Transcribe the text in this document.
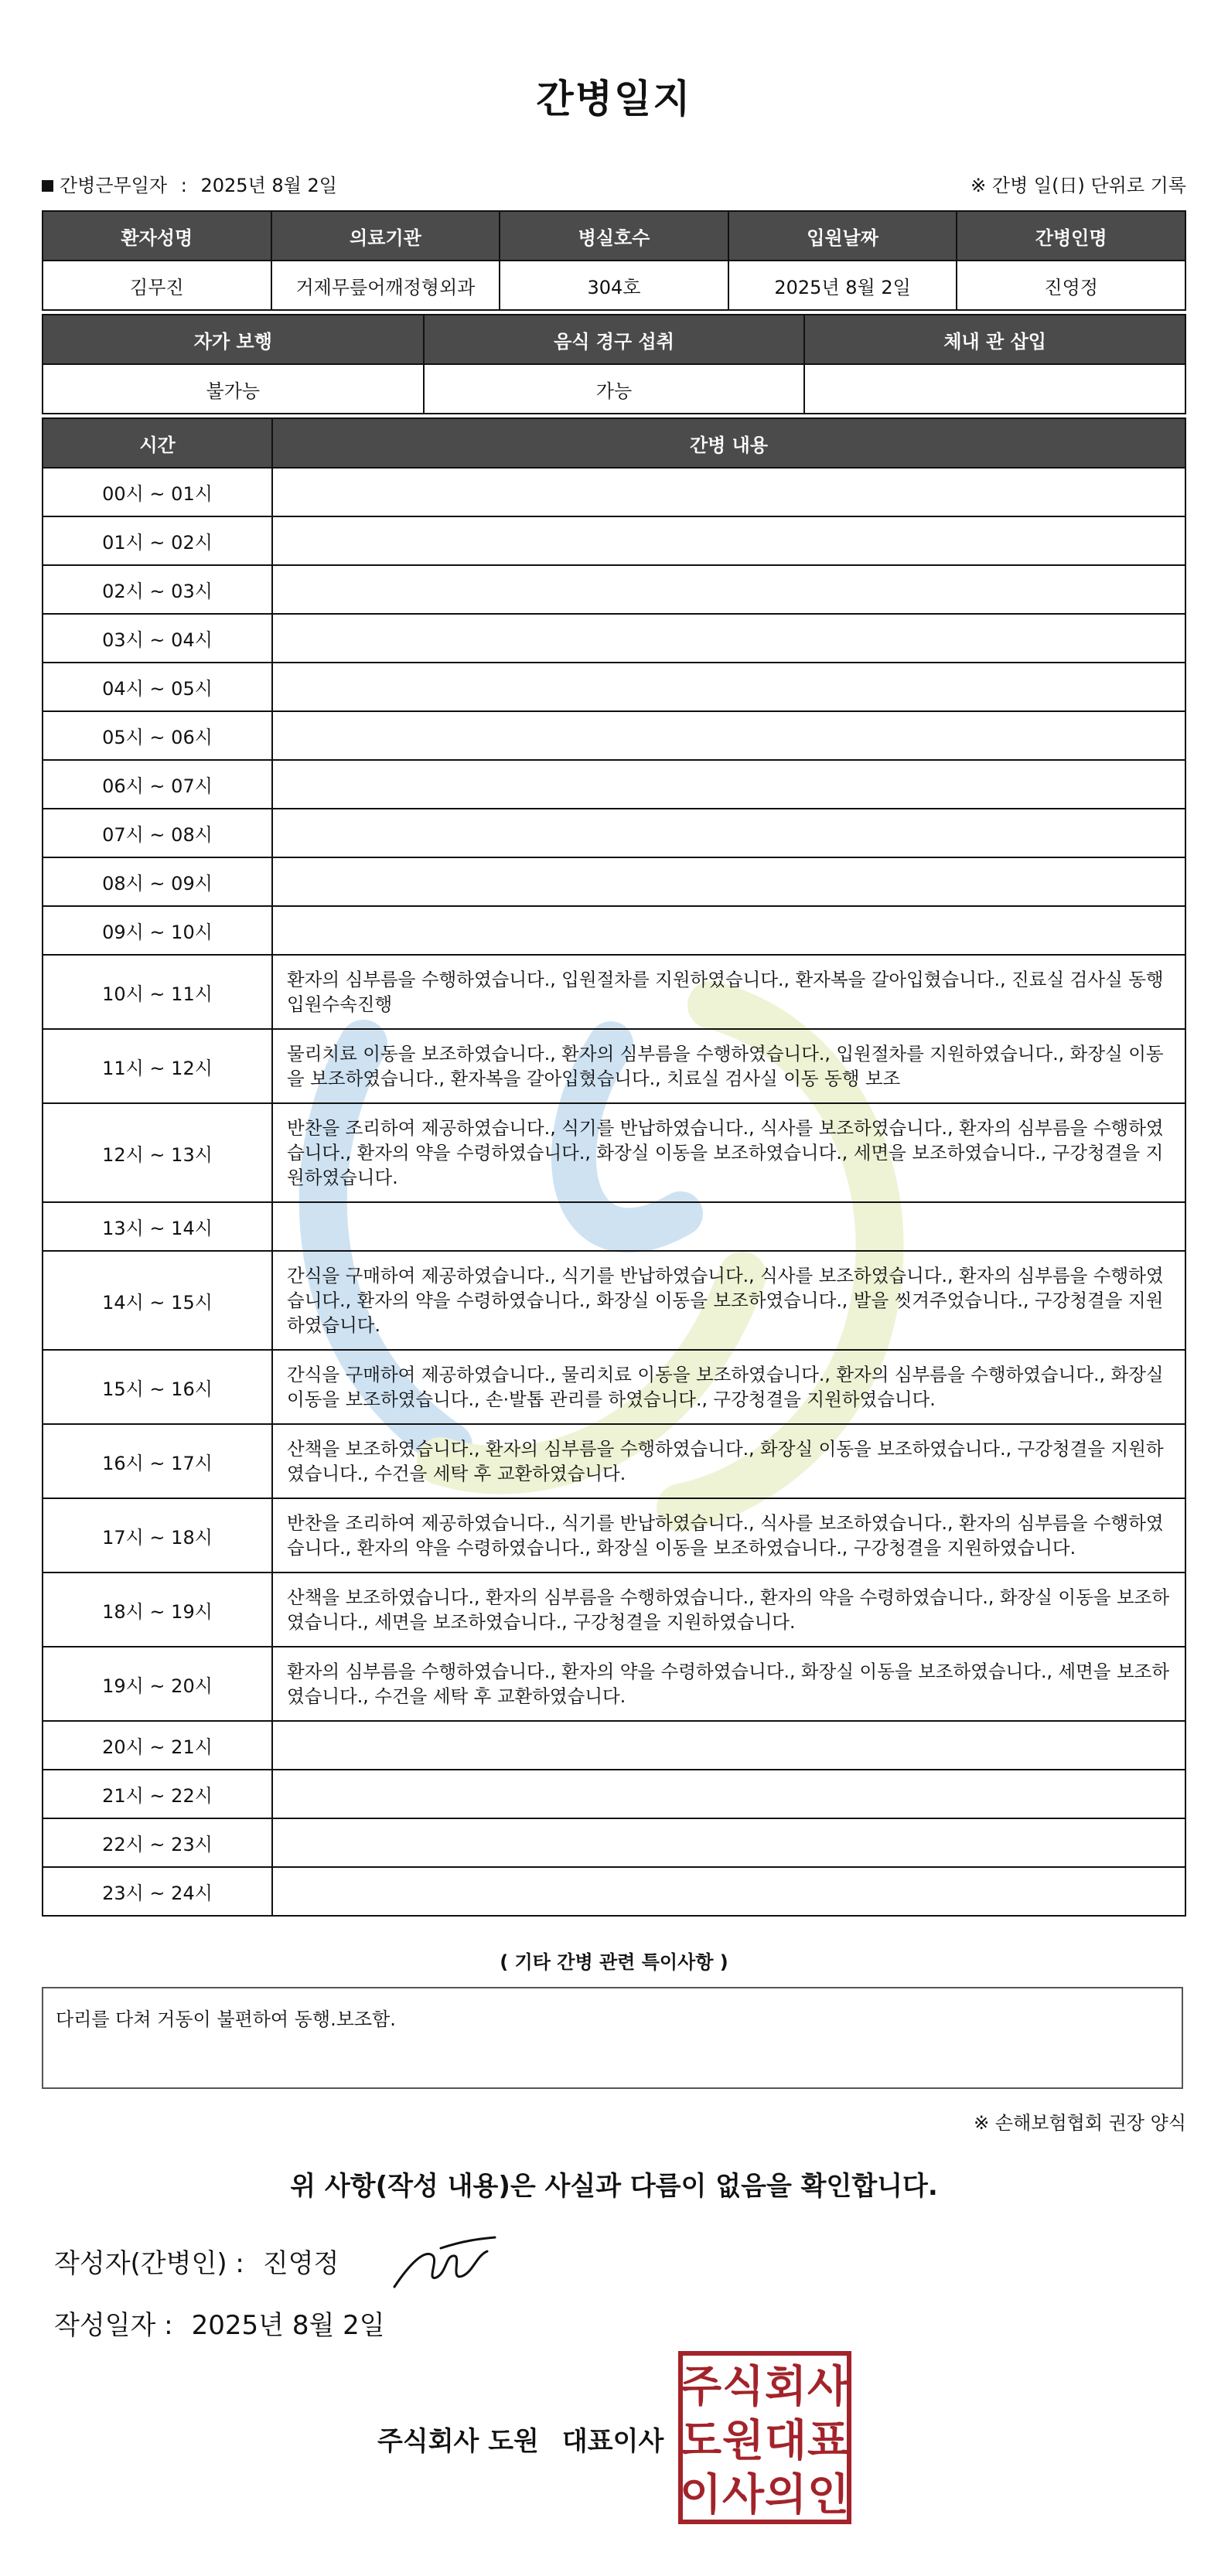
간병일지
간병근무일자 : 2025년 8월 2일	※ 간병 일(日) 단위로 기록
환자성명	의료기관	병실호수	입원날짜	간병인명
김무진	거제무릎어깨정형외과	304호	2025년 8월 2일	진영정
자가 보행	음식 경구 섭취	체내 관 삽입
불가능	가능	
시간	간병 내용
00시 ~ 01시	
01시 ~ 02시	
02시 ~ 03시	
03시 ~ 04시	
04시 ~ 05시	
05시 ~ 06시	
06시 ~ 07시	
07시 ~ 08시	
08시 ~ 09시	
09시 ~ 10시	
10시 ~ 11시	환자의 심부름을 수행하였습니다., 입원절차를 지원하였습니다., 환자복을 갈아입혔습니다., 진료실 검사실 동행 입원수속진행
11시 ~ 12시	물리치료 이동을 보조하였습니다., 환자의 심부름을 수행하였습니다., 입원절차를 지원하였습니다., 화장실 이동을 보조하였습니다., 환자복을 갈아입혔습니다., 치료실 검사실 이동 동행 보조
12시 ~ 13시	반찬을 조리하여 제공하였습니다., 식기를 반납하였습니다., 식사를 보조하였습니다., 환자의 심부름을 수행하였습니다., 환자의 약을 수령하였습니다., 화장실 이동을 보조하였습니다., 세면을 보조하였습니다., 구강청결을 지원하였습니다.
13시 ~ 14시	
14시 ~ 15시	간식을 구매하여 제공하였습니다., 식기를 반납하였습니다., 식사를 보조하였습니다., 환자의 심부름을 수행하였습니다., 환자의 약을 수령하였습니다., 화장실 이동을 보조하였습니다., 발을 씻겨주었습니다., 구강청결을 지원하였습니다.
15시 ~ 16시	간식을 구매하여 제공하였습니다., 물리치료 이동을 보조하였습니다., 환자의 심부름을 수행하였습니다., 화장실 이동을 보조하였습니다., 손·발톱 관리를 하였습니다., 구강청결을 지원하였습니다.
16시 ~ 17시	산책을 보조하였습니다., 환자의 심부름을 수행하였습니다., 화장실 이동을 보조하였습니다., 구강청결을 지원하였습니다., 수건을 세탁 후 교환하였습니다.
17시 ~ 18시	반찬을 조리하여 제공하였습니다., 식기를 반납하였습니다., 식사를 보조하였습니다., 환자의 심부름을 수행하였습니다., 환자의 약을 수령하였습니다., 화장실 이동을 보조하였습니다., 구강청결을 지원하였습니다.
18시 ~ 19시	산책을 보조하였습니다., 환자의 심부름을 수행하였습니다., 환자의 약을 수령하였습니다., 화장실 이동을 보조하였습니다., 세면을 보조하였습니다., 구강청결을 지원하였습니다.
19시 ~ 20시	환자의 심부름을 수행하였습니다., 환자의 약을 수령하였습니다., 화장실 이동을 보조하였습니다., 세면을 보조하였습니다., 수건을 세탁 후 교환하였습니다.
20시 ~ 21시	
21시 ~ 22시	
22시 ~ 23시	
23시 ~ 24시	
( 기타 간병 관련 특이사항 )
다리를 다쳐 거동이 불편하여 동행.보조함.
※ 손해보험협회 권장 양식
위 사항(작성 내용)은 사실과 다름이 없음을 확인합니다.
작성자(간병인) : 진영정
작성일자 : 2025년 8월 2일
주식회사 도원 대표이사
주 식 회 사
도 원 대 표
이 사 의 인
